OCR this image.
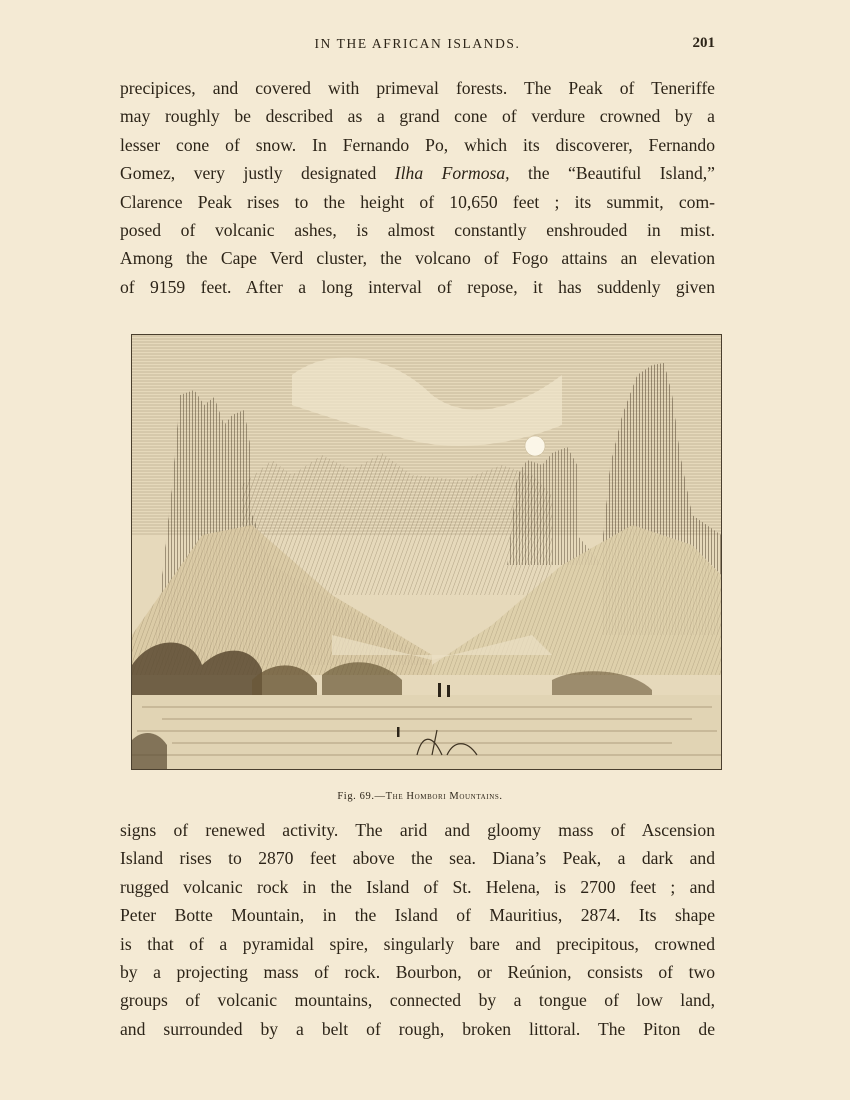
IN THE AFRICAN ISLANDS.	201
precipices, and covered with primeval forests. The Peak of Teneriffe
may roughly be described as a grand cone of verdure crowned by a
lesser cone of snow. In Fernando Po, which its discoverer, Fernando
Gomez, very justly designated Ilha Formosa, the “Beautiful Island,”
Clarence Peak rises to the height of 10,650 feet ; its summit, com-
posed of volcanic ashes, is almost constantly enshrouded in mist.
Among the Cape Verd cluster, the volcano of Fogo attains an elevation
of 9159 feet. After a long interval of repose, it has suddenly given
Fig. 69.—The Hombori Mountains.
signs of renewed activity. The arid and gloomy mass of Ascension
Island rises to 2870 feet above the sea. Diana’s Peak, a dark and
rugged volcanic rock in the Island of St. Helena, is 2700 feet ; and
Peter Botte Mountain, in the Island of Mauritius, 2874. Its shape
is that of a pyramidal spire, singularly bare and precipitous, crowned
by a projecting mass of rock. Bourbon, or Reúnion, consists of two
groups of volcanic mountains, connected by a tongue of low land,
and surrounded by a belt of rough, broken littoral. The Piton de
